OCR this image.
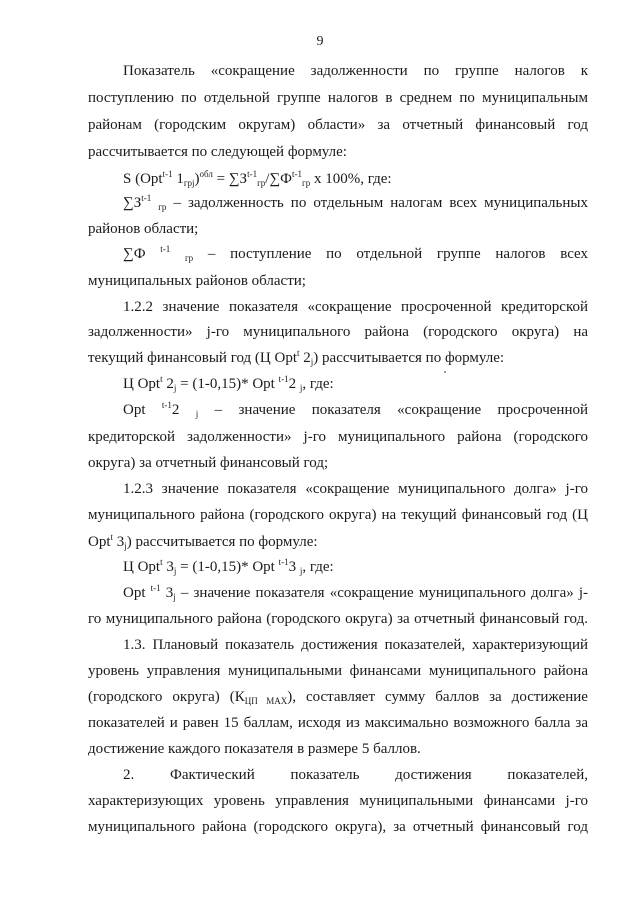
9
Показатель «сокращение задолженности по группе налогов к
поступлению по отдельной группе налогов в среднем по муниципальным
районам (городским округам) области» за отчетный финансовый год
рассчитывается по следующей формуле:
S (Opt$^{t-1}$ $1_{грj})^{обл} = \sum З^{t-1}_{гр}/\sum Ф^{t-1}_{гр}$ х 100%, где:
$\sum З^{t-1}$ $_{гр}$ – задолженность по отдельным налогам всех муниципальных
районов области;
∑Ф $^{t-1}$ $_{гр}$ – поступление по отдельной группе налогов всех
муниципальных районов области;
1.2.2 значение показателя «сокращение просроченной кредиторской
задолженности» j-го муниципального района (городского округа) на
текущий финансовый год (Ц Opt$^t$ $2_j$) рассчитывается по формуле:
Ц Opt$^t$ $2_j = (1-0,15)*$ Opt $^{t-1}$2 $_j$, где:
Opt $^{t-1}$2 $_j$ – значение показателя «сокращение просроченной
кредиторской задолженности» j-го муниципального района (городского
округа) за отчетный финансовый год;
1.2.3 значение показателя «сокращение муниципального долга» j-го
муниципального района (городского округа) на текущий финансовый год (Ц
Opt$^t$ $3_j$) рассчитывается по формуле:
Ц Opt$^t$ $3_j = (1-0,15)*$ Opt $^{t-1}$3 $_j$, где:
Opt $^{t-1}$ $3_j$ – значение показателя «сокращение муниципального долга» j-
го муниципального района (городского округа) за отчетный финансовый год.
1.3. Плановый показатель достижения показателей, характеризующий
уровень управления муниципальными финансами муниципального района
(городского округа) $(К_{ЦП MAX})$, составляет сумму баллов за достижение
показателей и равен 15 баллам, исходя из максимально возможного балла за
достижение каждого показателя в размере 5 баллов.
2. Фактический показатель достижения показателей,
характеризующих уровень управления муниципальными финансами j-го
муниципального района (городского округа), за отчетный финансовый год
